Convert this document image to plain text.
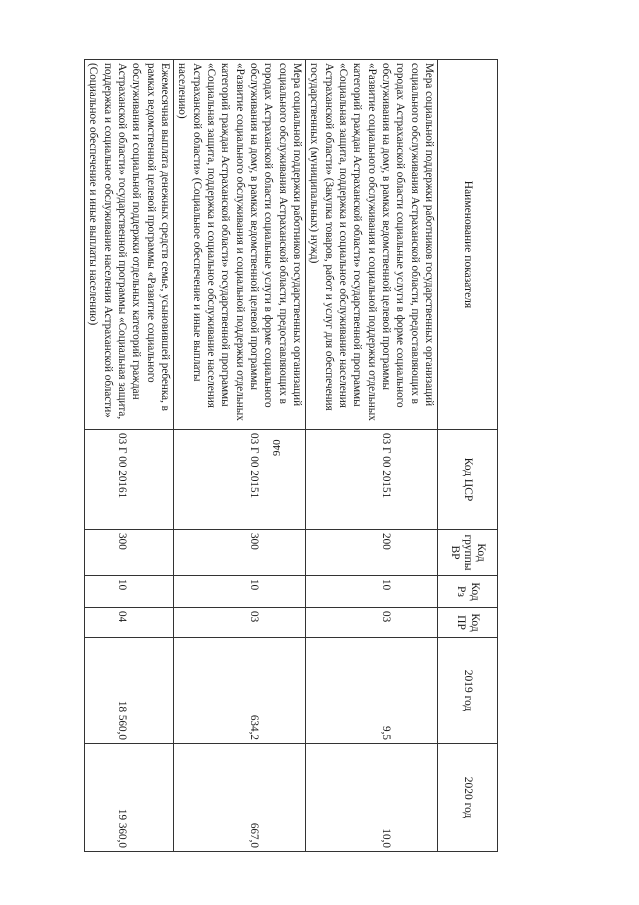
940
Наименование показателя	Код ЦСР	Код группы ВР	Код Рз	Код ПР	2019 год	2020 год
Мера социальной поддержки работников государственных организаций социального обслуживания Астраханской области, предоставляющих в городах Астраханской области социальные услуги в форме социального обслуживания на дому, в рамках ведомственной целевой программы «Развитие социального обслуживания и социальной поддержки отдельных категорий граждан Астраханской области» государственной программы «Социальная защита, поддержка и социальное обслуживание населения Астраханской области» (Закупка товаров, работ и услуг для обеспечения государственных (муниципальных) нужд)	03 Г 00 20151	200	10	03	9,5	10,0
Мера социальной поддержки работников государственных организаций социального обслуживания Астраханской области, предоставляющих в городах Астраханской области социальные услуги в форме социального обслуживания на дому, в рамках ведомственной целевой программы «Развитие социального обслуживания и социальной поддержки отдельных категорий граждан Астраханской области» государственной программы «Социальная защита, поддержка и социальное обслуживание населения Астраханской области» (Социальное обеспечение и иные выплаты населению)	03 Г 00 20151	300	10	03	634,2	667,0
Ежемесячная выплата денежных средств семье, усыновившей ребенка, в рамках ведомственной целевой программы «Развитие социального обслуживания и социальной поддержки отдельных категорий граждан Астраханской области» государственной программы «Социальная защита, поддержка и социальное обслуживание населения Астраханской области» (Социальное обеспечение и иные выплаты населению)	03 Г 00 20161	300	10	04	18 560,0	19 360,0
